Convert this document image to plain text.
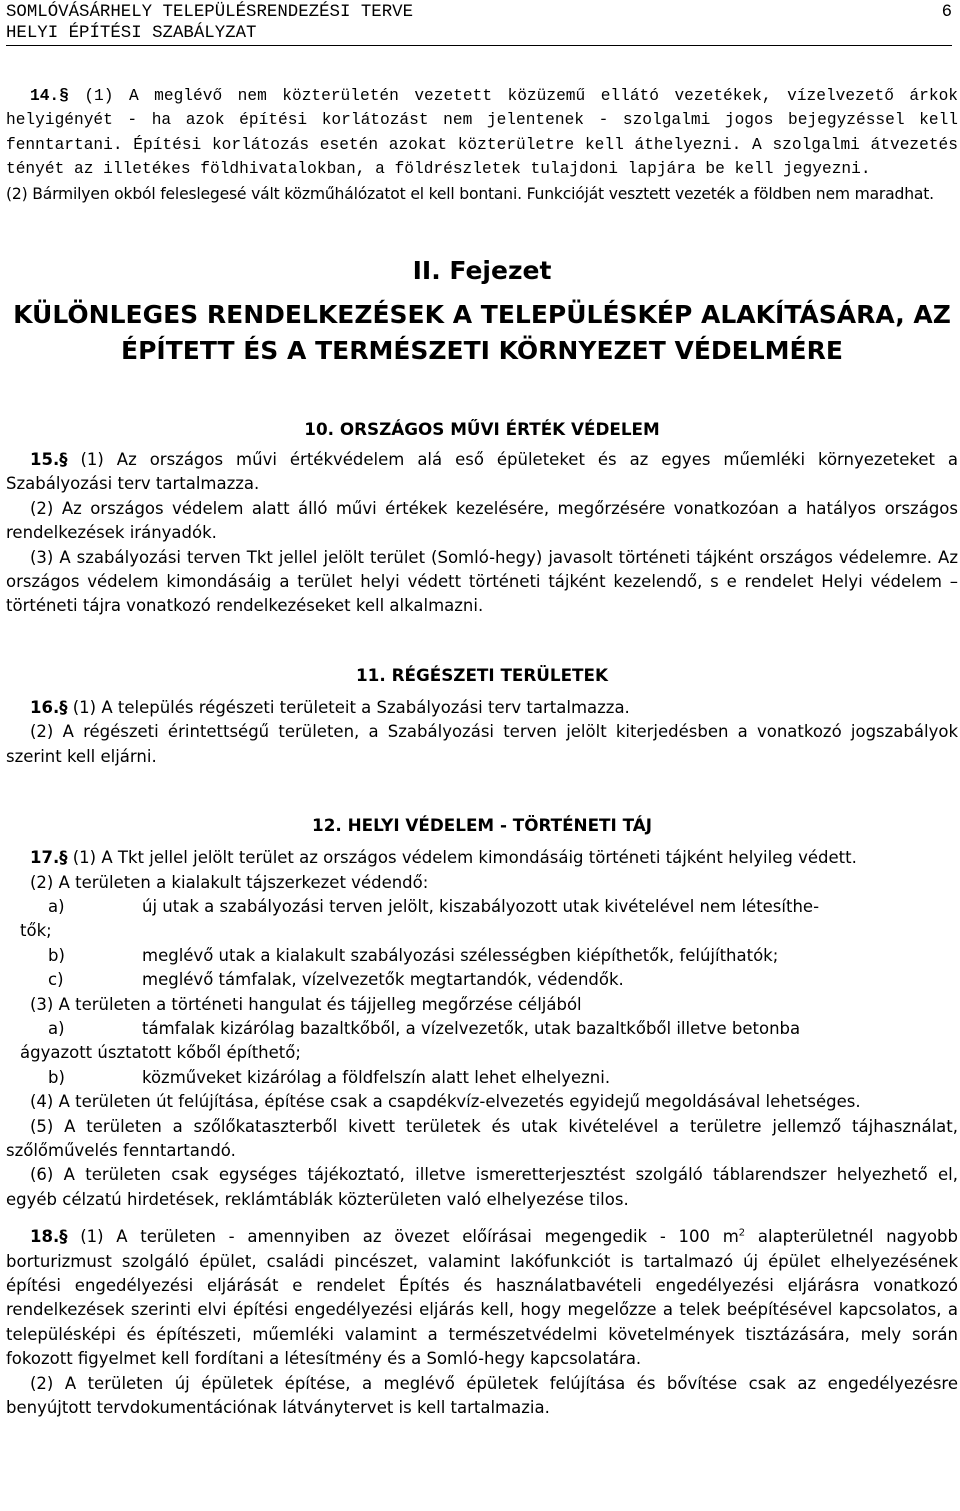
SOMLÓVÁSÁRHELY TELEPÜLÉSRENDEZÉSI TERVE	6
HELYI ÉPÍTÉSI SZABÁLYZAT

14.§ (1) A meglévő nem közterületén vezetett közüzemű ellátó vezetékek, vízelvezető árkok helyigényét - ha azok építési korlátozást nem jelentenek - szolgalmi jogos bejegyzéssel kell fenntartani. Építési korlátozás esetén azokat közterületre kell áthelyezni. A szolgalmi átvezetés tényét az illetékes földhivatalokban, a földrészletek tulajdoni lapjára be kell jegyezni.

(2) Bármilyen okból feleslegesé vált közműhálózatot el kell bontani. Funkcióját vesztett vezeték a földben nem maradhat.

II. Fejezet
KÜLÖNLEGES RENDELKEZÉSEK A TELEPÜLÉSKÉP ALAKÍTÁSÁRA, AZ ÉPÍTETT ÉS A TERMÉSZETI KÖRNYEZET VÉDELMÉRE
10. ORSZÁGOS MŰVI ÉRTÉK VÉDELEM

15.§ (1) Az országos művi értékvédelem alá eső épületeket és az egyes műemléki környezeteket a Szabályozási terv tartalmazza.

(2) Az országos védelem alatt álló művi értékek kezelésére, megőrzésére vonatkozóan a hatályos országos rendelkezések irányadók.

(3) A szabályozási terven Tkt jellel jelölt terület (Somló-hegy) javasolt történeti tájként országos védelemre. Az országos védelem kimondásáig a terület helyi védett történeti tájként kezelendő, s e rendelet Helyi védelem – történeti tájra vonatkozó rendelkezéseket kell alkalmazni.

11. RÉGÉSZETI TERÜLETEK

16.§ (1) A település régészeti területeit a Szabályozási terv tartalmazza.

(2) A régészeti érintettségű területen, a Szabályozási terven jelölt kiterjedésben a vonatkozó jogszabályok szerint kell eljárni.

12. HELYI VÉDELEM - TÖRTÉNETI TÁJ

17.§ (1) A Tkt jellel jelölt terület az országos védelem kimondásáig történeti tájként helyileg védett.

(2) A területen a kialakult tájszerkezet védendő:

a)	új utak a szabályozási terven jelölt, kiszabályozott utak kivételével nem létesíthe-
tők;
b)	meglévő utak a kialakult szabályozási szélességben kiépíthetők, felújíthatók;
c)	meglévő támfalak, vízelvezetők megtartandók, védendők.

(3) A területen a történeti hangulat és tájjelleg megőrzése céljából

a)	támfalak kizárólag bazaltkőből, a vízelvezetők, utak bazaltkőből illetve betonba
ágyazott úsztatott kőből építhető;
b)	közműveket kizárólag a földfelszín alatt lehet elhelyezni.

(4) A területen út felújítása, építése csak a csapdékvíz-elvezetés egyidejű megoldásával lehetséges.

(5) A területen a szőlőkataszterből kivett területek és utak kivételével a területre jellemző tájhasználat, szőlőművelés fenntartandó.

(6) A területen csak egységes tájékoztató, illetve ismeretterjesztést szolgáló táblarendszer helyezhető el, egyéb célzatú hirdetések, reklámtáblák közterületen való elhelyezése tilos.

18.§ (1) A területen - amennyiben az övezet előírásai megengedik - 100 $m^2$ alapterületnél nagyobb borturizmust szolgáló épület, családi pincészet, valamint lakófunkciót is tartalmazó új épület elhelyezésének építési engedélyezési eljárását e rendelet Építés és használatbavételi engedélyezési eljárásra vonatkozó rendelkezések szerinti elvi építési engedélyezési eljárás kell, hogy megelőzze a telek beépítésével kapcsolatos, a településképi és építészeti, műemléki valamint a természetvédelmi követelmények tisztázására, mely során fokozott figyelmet kell fordítani a létesítmény és a Somló-hegy kapcsolatára.

(2) A területen új épületek építése, a meglévő épületek felújítása és bővítése csak az engedélyezésre benyújtott tervdokumentációnak látványtervet is kell tartalmazia.
